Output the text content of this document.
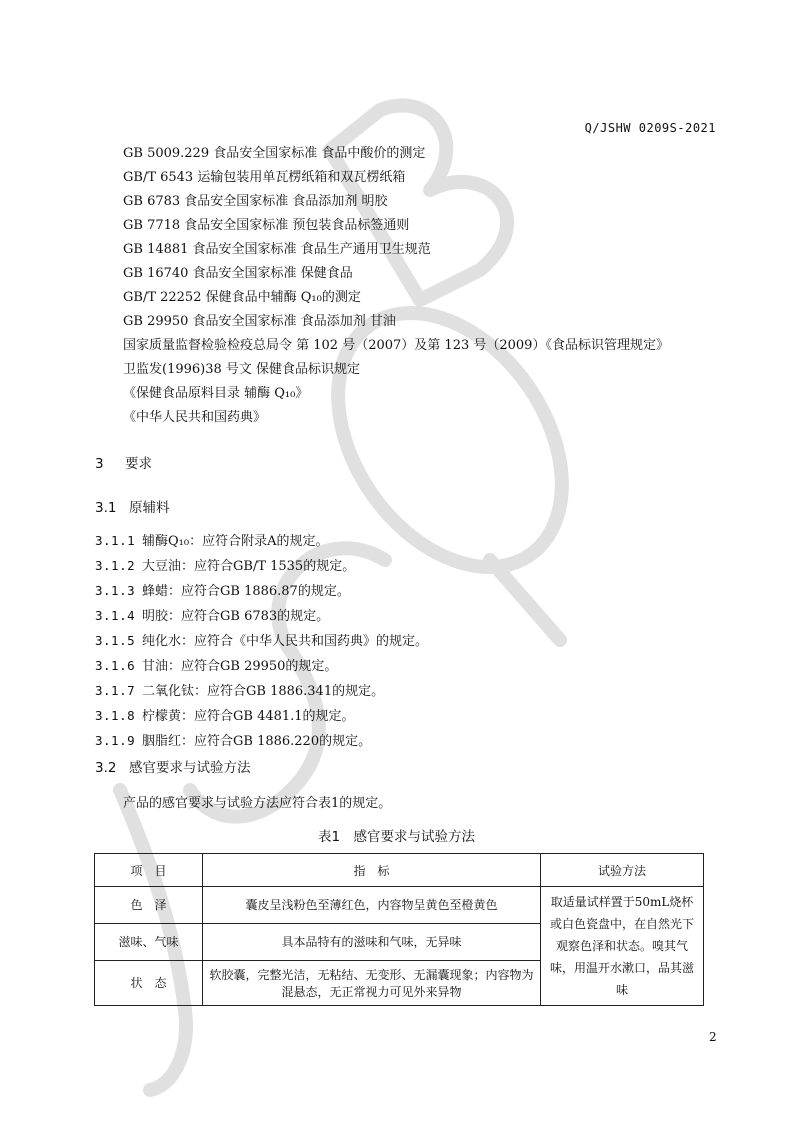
Q/JSHW 0209S-2021
GB 5009.229 食品安全国家标准 食品中酸价的测定
GB/T 6543 运输包装用单瓦楞纸箱和双瓦楞纸箱
GB 6783 食品安全国家标准 食品添加剂 明胶
GB 7718 食品安全国家标准 预包装食品标签通则
GB 14881 食品安全国家标准 食品生产通用卫生规范
GB 16740 食品安全国家标准 保健食品
GB/T 22252 保健食品中辅酶 Q₁₀的测定
GB 29950 食品安全国家标准 食品添加剂 甘油
国家质量监督检验检疫总局令 第 102 号（2007）及第 123 号（2009）《食品标识管理规定》
卫监发(1996)38 号文 保健食品标识规定
《保健食品原料目录 辅酶 Q₁₀》
《中华人民共和国药典》
3 要求
3.1 原辅料
3.1.1 辅酶Q₁₀：应符合附录A的规定。
3.1.2 大豆油：应符合GB/T 1535的规定。
3.1.3 蜂蜡：应符合GB 1886.87的规定。
3.1.4 明胶：应符合GB 6783的规定。
3.1.5 纯化水：应符合《中华人民共和国药典》的规定。
3.1.6 甘油：应符合GB 29950的规定。
3.1.7 二氧化钛：应符合GB 1886.341的规定。
3.1.8 柠檬黄：应符合GB 4481.1的规定。
3.1.9 胭脂红：应符合GB 1886.220的规定。
3.2 感官要求与试验方法
产品的感官要求与试验方法应符合表1的规定。
表1　感官要求与试验方法
项　目	指　标	试验方法
色　泽	囊皮呈浅粉色至薄红色，内容物呈黄色至橙黄色	取适量试样置于50mL烧杯或白色瓷盘中，在自然光下观察色泽和状态。嗅其气味，用温开水漱口，品其滋味
滋味、气味	具本品特有的滋味和气味，无异味	
状　态	软胶囊，完整光洁，无粘结、无变形、无漏囊现象；内容物为混悬态，无正常视力可见外来异物	
2
